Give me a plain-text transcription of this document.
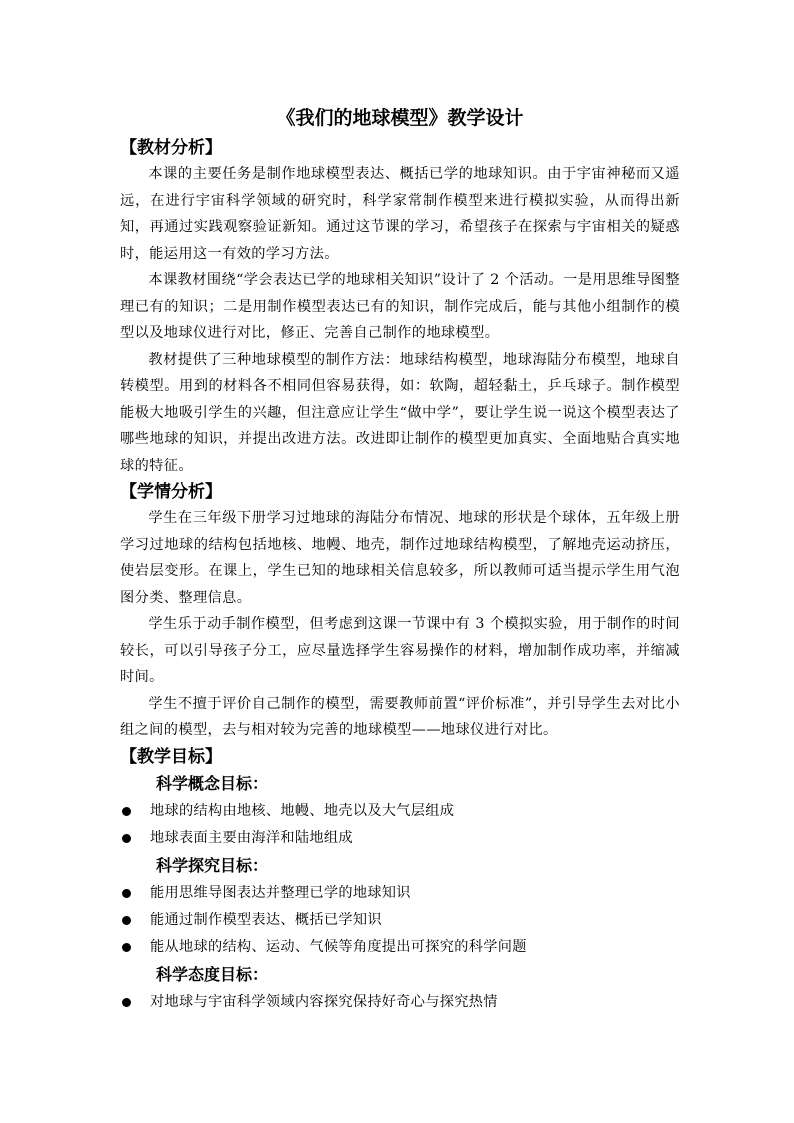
《我们的地球模型》教学设计
【教材分析】

本课的主要任务是制作地球模型表达、概括已学的地球知识。由于宇宙神秘而又遥远，在进行宇宙科学领域的研究时，科学家常制作模型来进行模拟实验，从而得出新知，再通过实践观察验证新知。通过这节课的学习，希望孩子在探索与宇宙相关的疑惑时，能运用这一有效的学习方法。

本课教材围绕“学会表达已学的地球相关知识”设计了 2 个活动。一是用思维导图整理已有的知识；二是用制作模型表达已有的知识，制作完成后，能与其他小组制作的模型以及地球仪进行对比，修正、完善自己制作的地球模型。

教材提供了三种地球模型的制作方法：地球结构模型，地球海陆分布模型，地球自转模型。用到的材料各不相同但容易获得，如：软陶，超轻黏土，乒乓球子。制作模型能极大地吸引学生的兴趣，但注意应让学生“做中学”，要让学生说一说这个模型表达了哪些地球的知识，并提出改进方法。改进即让制作的模型更加真实、全面地贴合真实地球的特征。

【学情分析】

学生在三年级下册学习过地球的海陆分布情况、地球的形状是个球体，五年级上册学习过地球的结构包括地核、地幔、地壳，制作过地球结构模型，了解地壳运动挤压，使岩层变形。在课上，学生已知的地球相关信息较多，所以教师可适当提示学生用气泡图分类、整理信息。

学生乐于动手制作模型，但考虑到这课一节课中有 3 个模拟实验，用于制作的时间较长，可以引导孩子分工，应尽量选择学生容易操作的材料，增加制作成功率，并缩减时间。

学生不擅于评价自己制作的模型，需要教师前置“评价标准”，并引导学生去对比小组之间的模型，去与相对较为完善的地球模型——地球仪进行对比。

【教学目标】
科学概念目标：
地球的结构由地核、地幔、地壳以及大气层组成
地球表面主要由海洋和陆地组成
科学探究目标：
能用思维导图表达并整理已学的地球知识
能通过制作模型表达、概括已学知识
能从地球的结构、运动、气候等角度提出可探究的科学问题
科学态度目标：
对地球与宇宙科学领域内容探究保持好奇心与探究热情
